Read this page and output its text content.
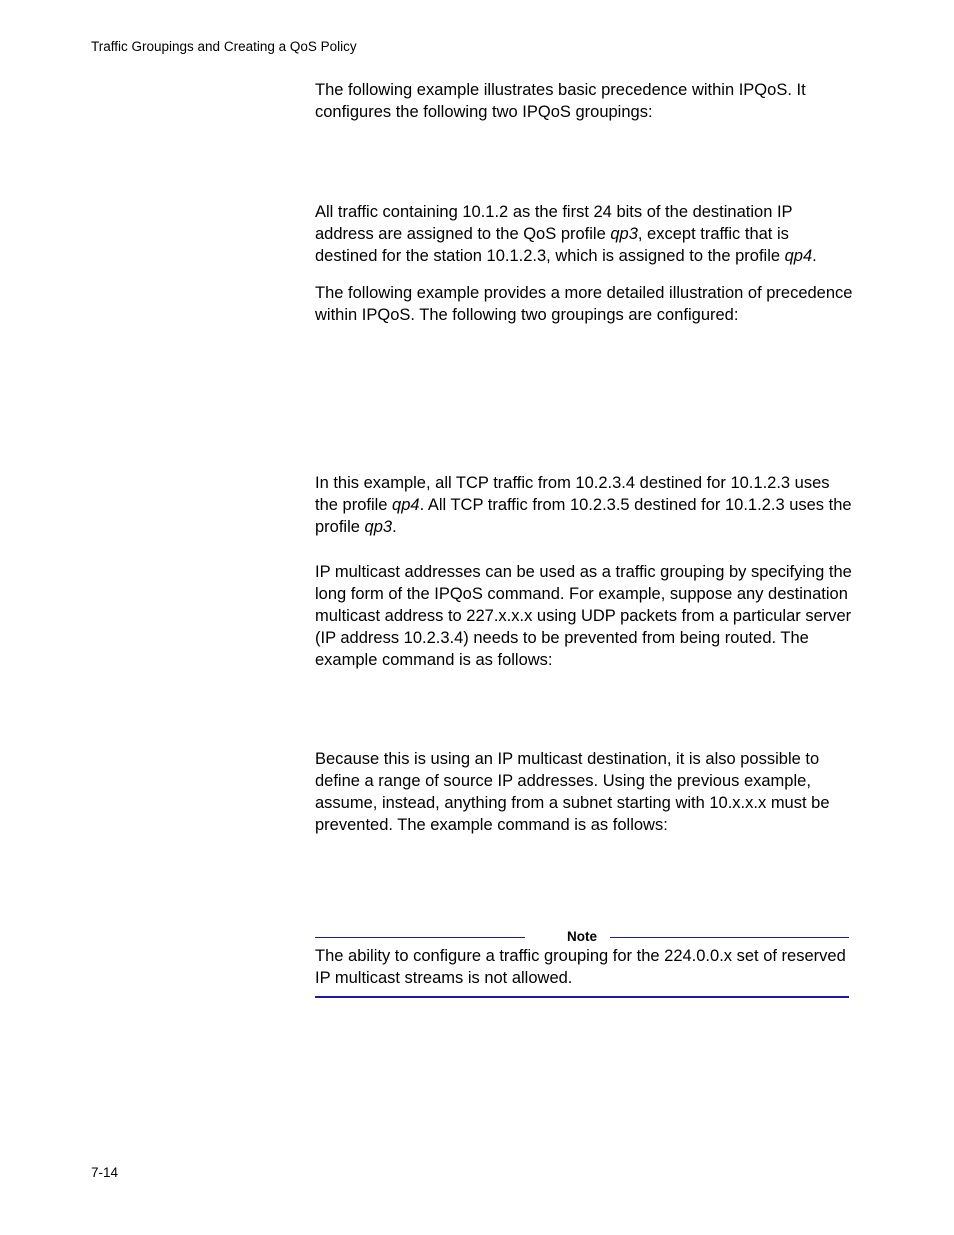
Traffic Groupings and Creating a QoS Policy

The following example illustrates basic precedence within IPQoS. It configures the following two IPQoS groupings:

All traffic containing 10.1.2 as the first 24 bits of the destination IP address are assigned to the QoS profile qp3, except traffic that is destined for the station 10.1.2.3, which is assigned to the profile qp4.

The following example provides a more detailed illustration of precedence within IPQoS. The following two groupings are configured:

In this example, all TCP traffic from 10.2.3.4 destined for 10.1.2.3 uses the profile qp4. All TCP traffic from 10.2.3.5 destined for 10.1.2.3 uses the profile qp3.

IP multicast addresses can be used as a traffic grouping by specifying the long form of the IPQoS command. For example, suppose any destination multicast address to 227.x.x.x using UDP packets from a particular server (IP address 10.2.3.4) needs to be prevented from being routed. The example command is as follows:

Because this is using an IP multicast destination, it is also possible to define a range of source IP addresses. Using the previous example, assume, instead, anything from a subnet starting with 10.x.x.x must be prevented. The example command is as follows:

Note

The ability to configure a traffic grouping for the 224.0.0.x set of reserved IP multicast streams is not allowed.

7-14
